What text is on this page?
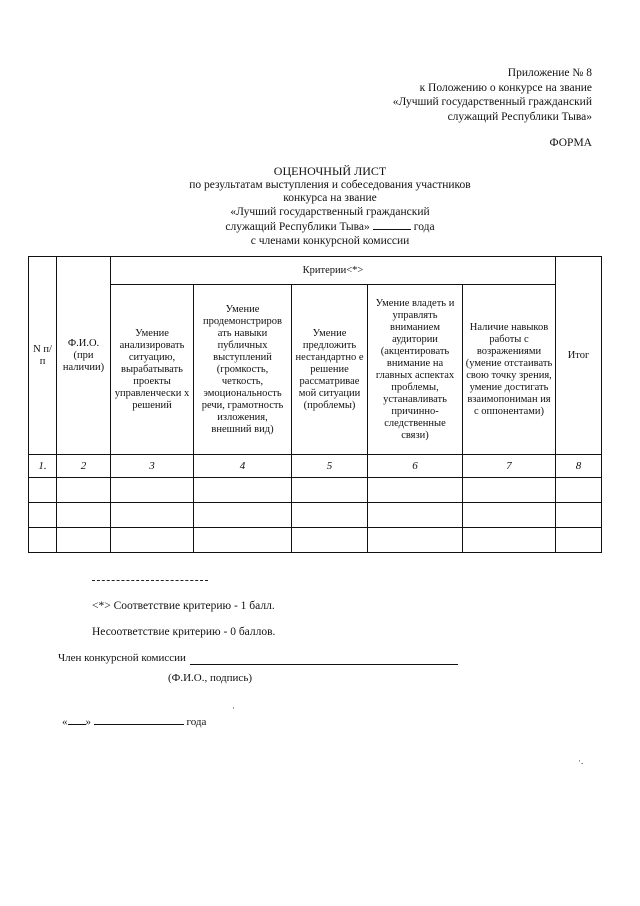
Приложение № 8
к Положению о конкурсе на звание
«Лучший государственный гражданский
служащий Республики Тыва»
ФОРМА
ОЦЕНОЧНЫЙ ЛИСТ
по результатам выступления и собеседования участников
конкурса на звание
«Лучший государственный гражданский
служащий Республики Тыва»	года
с членами конкурсной комиссии
N п/п	Ф.И.О. (при наличии)	Критерии<*>					Итог
		Умение анализировать ситуацию, вырабатывать проекты управленчески х решений	Умение продемонстриров ать навыки публичных выступлений (громкость, четкость, эмоциональность речи, грамотность изложения, внешний вид)	Умение предложить нестандартно е решение рассматривае мой ситуации (проблемы)	Умение владеть и управлять вниманием аудитории (акцентировать внимание на главных аспектах проблемы, устанавливать причинно-следственные связи)	Наличие навыков работы с возражениями (умение отстаивать свою точку зрения, умение достигать взаимопониман ия с оппонентами)	
1.	2	3	4	5	6	7	8

<*> Соответствие критерию - 1 балл.
Несоответствие критерию - 0 баллов.
Член конкурсной комиссии
(Ф.И.О., подпись)
« »	года
·
·.
